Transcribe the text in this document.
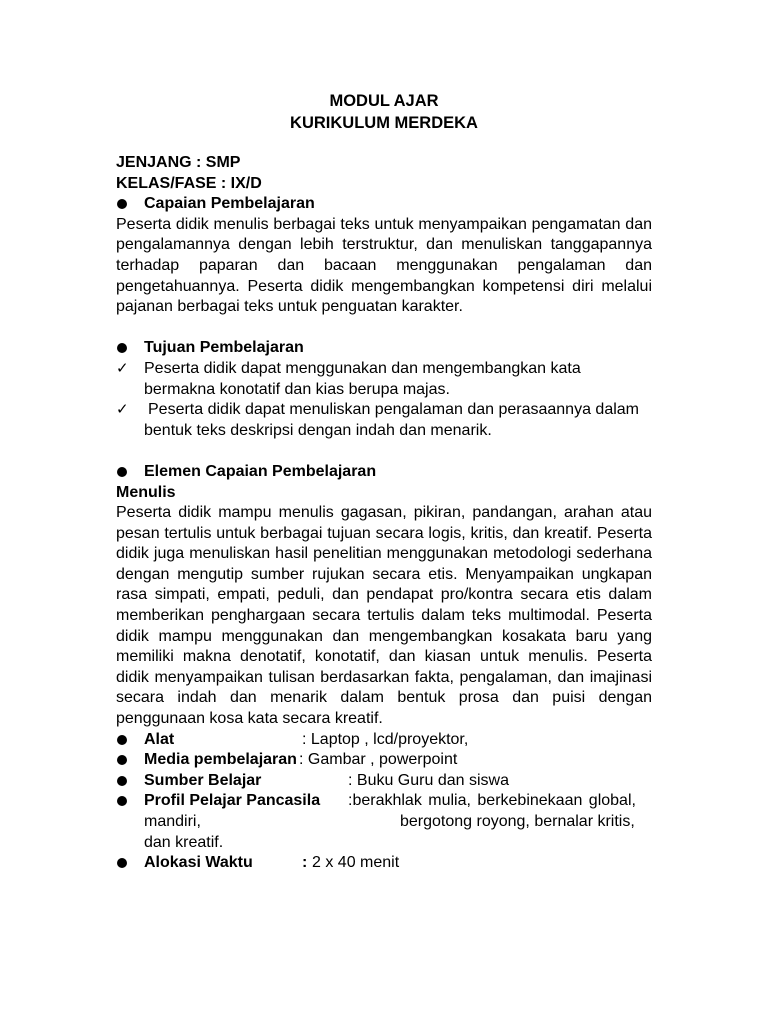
MODUL AJAR
KURIKULUM MERDEKA
JENJANG : SMP
KELAS/FASE : IX/D
Capaian Pembelajaran
Peserta didik menulis berbagai teks untuk menyampaikan pengamatan dan pengalamannya dengan lebih terstruktur, dan menuliskan tanggapannya terhadap paparan dan bacaan menggunakan pengalaman dan pengetahuannya. Peserta didik mengembangkan kompetensi diri melalui pajanan berbagai teks untuk penguatan karakter.
Tujuan Pembelajaran
✓ Peserta didik dapat menggunakan dan mengembangkan kata bermakna konotatif dan kias berupa majas.
✓ Peserta didik dapat menuliskan pengalaman dan perasaannya dalam bentuk teks deskripsi dengan indah dan menarik.
Elemen Capaian Pembelajaran
Menulis
Peserta didik mampu menulis gagasan, pikiran, pandangan, arahan atau pesan tertulis untuk berbagai tujuan secara logis, kritis, dan kreatif. Peserta didik juga menuliskan hasil penelitian menggunakan metodologi sederhana dengan mengutip sumber rujukan secara etis. Menyampaikan ungkapan rasa simpati, empati, peduli, dan pendapat pro/kontra secara etis dalam memberikan penghargaan secara tertulis dalam teks multimodal. Peserta didik mampu menggunakan dan mengembangkan kosakata baru yang memiliki makna denotatif, konotatif, dan kiasan untuk menulis. Peserta didik menyampaikan tulisan berdasarkan fakta, pengalaman, dan imajinasi secara indah dan menarik dalam bentuk prosa dan puisi dengan penggunaan kosa kata secara kreatif.
Alat	: Laptop , lcd/proyektor,
Media pembelajaran : Gambar , powerpoint
Sumber Belajar	: Buku Guru dan siswa
Profil Pelajar Pancasila :berakhlak mulia, berkebinekaan global,
mandiri,	bergotong royong, bernalar kritis,
dan kreatif.
Alokasi Waktu	: 2 x 40 menit
